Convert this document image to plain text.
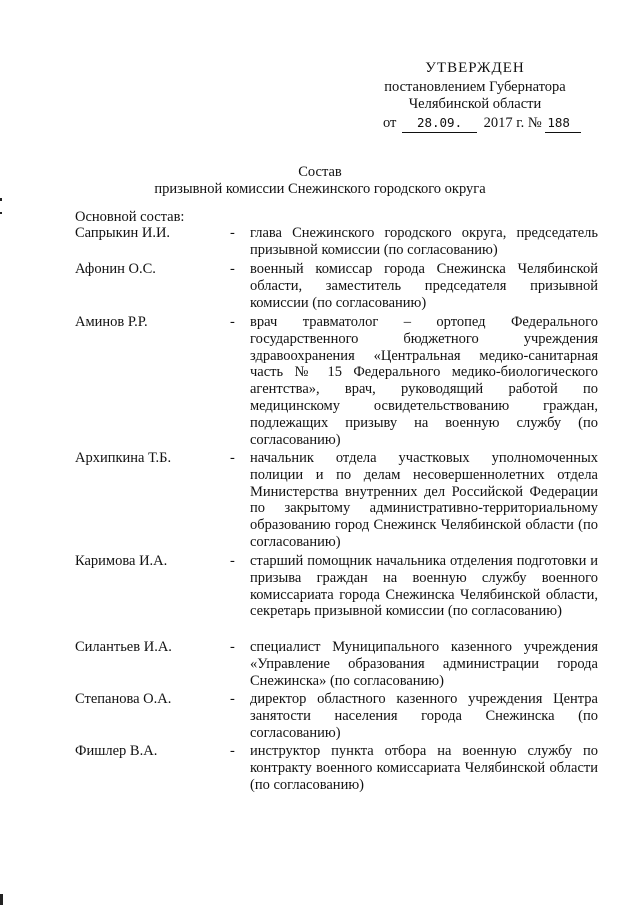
УТВЕРЖДЕН
постановлением Губернатора
Челябинской области
от 28.09. 2017 г. № 188
Состав
призывной комиссии Снежинского городского округа
Основной состав:
Сапрыкин И.И.	- глава Снежинского городского округа, председатель призывной комиссии (по согласованию)
Афонин О.С.	- военный комиссар города Снежинска Челябинской области, заместитель председателя призывной комиссии (по согласованию)
Аминов Р.Р.	- врач травматолог – ортопед Федерального государственного бюджетного учреждения здравоохранения «Центральная медико-санитарная часть № 15 Федерального медико-биологического агентства», врач, руководящий работой по медицинскому освидетельствованию граждан, подлежащих призыву на военную службу (по согласованию)
Архипкина Т.Б.	- начальник отдела участковых уполномоченных полиции и по делам несовершеннолетних отдела Министерства внутренних дел Российской Федерации по закрытому административно-территориальному образованию город Снежинск Челябинской области (по согласованию)
Каримова И.А.	- старший помощник начальника отделения подготовки и призыва граждан на военную службу военного комиссариата города Снежинска Челябинской области, секретарь призывной комиссии (по согласованию)
Силантьев И.А.	- специалист Муниципального казенного учреждения «Управление образования администрации города Снежинска» (по согласованию)
Степанова О.А.	- директор областного казенного учреждения Центра занятости населения города Снежинска (по согласованию)
Фишлер В.А.	- инструктор пункта отбора на военную службу по контракту военного комиссариата Челябинской области (по согласованию)
